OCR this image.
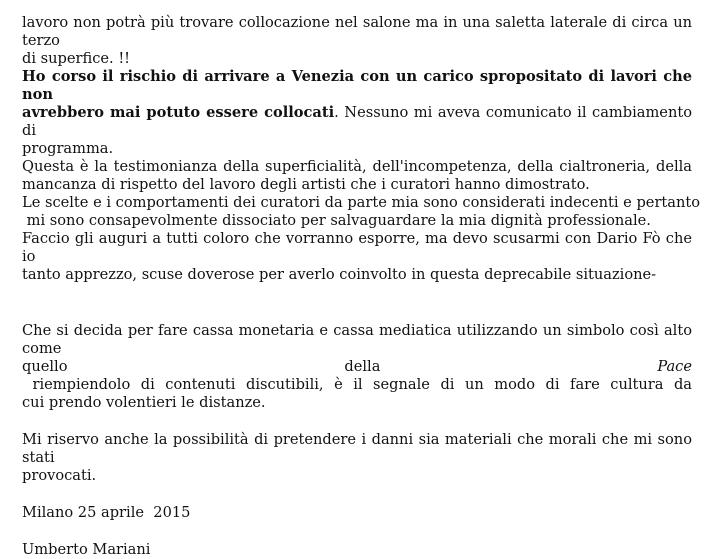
lavoro non potrà più trovare collocazione nel salone ma in una saletta laterale di circa un terzo
di superfice. !!
Ho corso il rischio di arrivare a Venezia con un carico spropositato di lavori che non
avrebbero mai potuto essere collocati. Nessuno mi aveva comunicato il cambiamento di
programma.
Questa è la testimonianza della superficialità, dell'incompetenza, della cialtroneria, della
mancanza di rispetto del lavoro degli artisti che i curatori hanno dimostrato.
Le scelte e i comportamenti dei curatori da parte mia sono considerati indecenti e pertanto
mi sono consapevolmente dissociato per salvaguardare la mia dignità professionale.
Faccio gli auguri a tutti coloro che vorranno esporre, ma devo scusarmi con Dario Fò che io
tanto apprezzo, scuse doverose per averlo coinvolto in questa deprecabile situazione-
Che si decida per fare cassa monetaria e cassa mediatica utilizzando un simbolo così alto come
quello della Pace riempiendolo di contenuti discutibili, è il segnale di un modo di fare cultura da
cui prendo volentieri le distanze.
Mi riservo anche la possibilità di pretendere i danni sia materiali che morali che mi sono stati
provocati.

Milano 25 aprile  2015

Umberto Mariani
